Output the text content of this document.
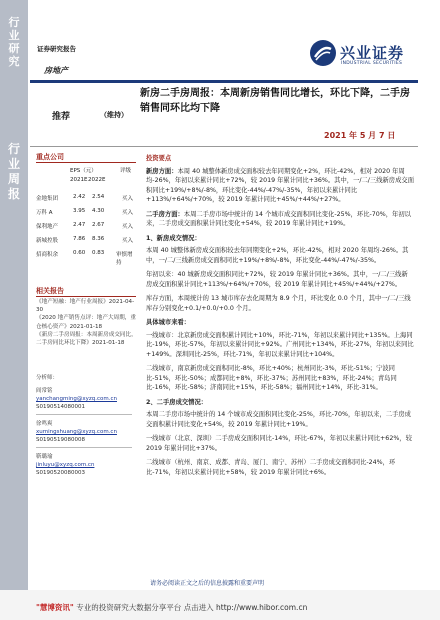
行业研究
行业周报
证券研究报告
房地产
兴业证券
INDUSTRIAL SECURITIES
新房二手房周报：本周新房销售同比增长，环比下降，二手房销售同环比均下降
推荐	（维持）
2021 年 5 月 7 日
重点公司
EPS（元）	评级
2021E 2022E
金地集团	2.42 2.54	买入
万科 A	3.95 4.30	买入
保利地产	2.47 2.67	买入
新城控股	7.86 8.36	买入
招商积余	0.60 0.83 审慎增持
相关报告
《地产短融：地产行业周报》2021-04-30
《2020 地产销售点评：地产大周期，重仓核心资产》2021-01-18
《新房二手房周报：本周新房成交同比，二手房同比环比下降》2021-01-18
分析师：
阎常铭
yanchangming@xyzq.com.cn
S0190514080001
徐鸣爽
xumingshuang@xyzq.com.cn
S0190519080008
靳璐瑜
jinluyu@xyzq.com.cn
S0190520080003
投资要点

新房方面：本周 40 城整体新房成交面积较去年同期变化+2%，环比-42%，相对 2020 年周均-26%，年初以来累计同比+72%，较 2019 年累计同比+36%。其中，一/二/三线新房成交面积同比+19%/+8%/-8%，环比变化-44%/-47%/-35%，年初以来累计同比+113%/+64%/+70%，较 2019 年累计同比+45%/+44%/+27%。

二手房方面：本周二手房市场中统计的 14 个城市成交面积同比变化-25%，环比-70%，年初以来，二手房成交面积累计同比变化+54%，较 2019 年累计同比+19%。

1、新房成交情况：

本周 40 城整体新房成交面积较去年同期变化+2%，环比-42%，相对 2020 年周均-26%。其中，一/二/三线新房成交面积同比+19%/+8%/-8%，环比变化-44%/-47%/-35%。

年初以来：40 城新房成交面积同比+72%，较 2019 年累计同比+36%。其中，一/二/三线新房成交面积累计同比+113%/+64%/+70%，较 2019 年累计同比+45%/+44%/+27%。

库存方面，本周统计的 13 城市库存去化周期为 8.9 个月，环比变化 0.0 个月，其中一/二/三线库存分别变化+0.1/+0.0/+0.0 个月。

具体城市来看：

一线城市：北京新房成交面积累计同比+10%，环比-71%，年初以来累计同比+135%。上海同比-19%，环比-57%，年初以来累计同比+92%。广州同比+134%，环比-27%，年初以来同比+149%。深圳同比-25%，环比-71%，年初以来累计同比+104%。

二线城市，南京新房成交面积同比-8%，环比+40%；杭州同比-3%，环比-51%；宁波同比-51%，环比-50%；成都同比+8%，环比-37%；苏州同比+83%，环比-24%；青岛同比-16%，环比-58%；济南同比+15%，环比-58%；福州同比+14%，环比-31%。

2、二手房成交情况：

本周二手房市场中统计的 14 个城市成交面积同比变化-25%，环比-70%，年初以来，二手房成交面积累计同比变化+54%，较 2019 年累计同比+19%。

一线城市（北京、深圳）二手房成交面积同比-14%，环比-67%，年初以来累计同比+62%，较 2019 年累计同比+37%。

二线城市（杭州、南京、成都、青岛、厦门、南宁、苏州）二手房成交面积同比-24%，环比-71%，年初以来累计同比+58%，较 2019 年累计同比+6%。

请务必阅读正文之后的信息披露和重要声明
"慧博资讯" 专业的投资研究大数据分享平台 点击进入 http://www.hibor.com.cn
